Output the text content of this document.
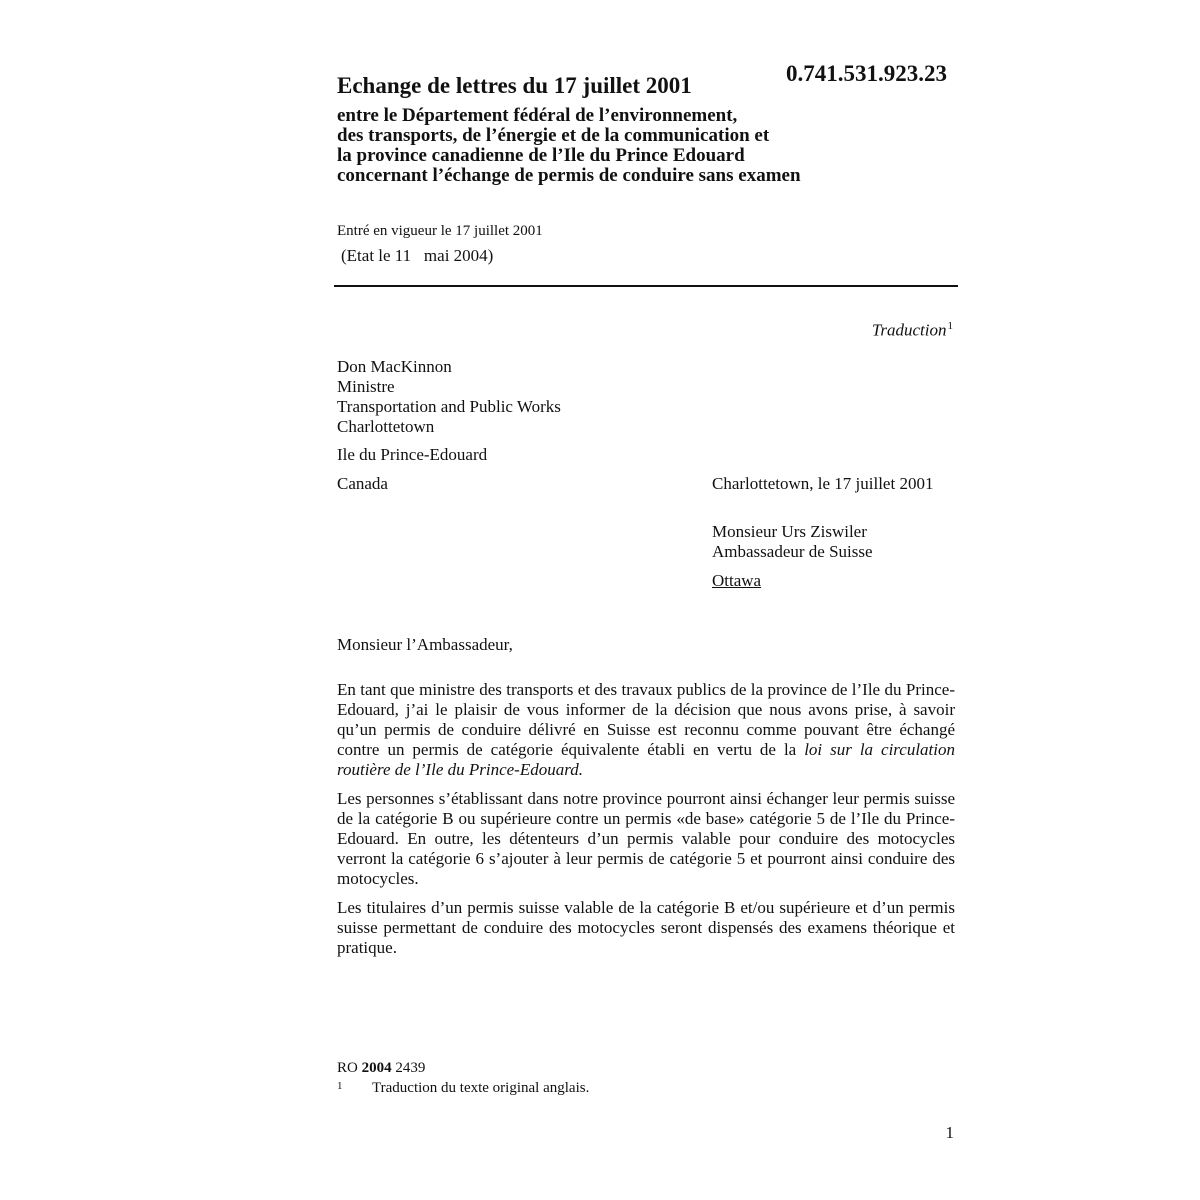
Echange de lettres du 17 juillet 2001	0.741.531.923.23
entre le Département fédéral de l’environnement,
des transports, de l’énergie et de la communication et
la province canadienne de l’Ile du Prince Edouard
concernant l’échange de permis de conduire sans examen
Entré en vigueur le 17 juillet 2001
(Etat le 11   mai 2004)
Traduction$^1$
Don MacKinnon
Ministre
Transportation and Public Works
Charlottetown
Ile du Prince-Edouard
Canada	Charlottetown, le 17 juillet 2001
Monsieur Urs Ziswiler
Ambassadeur de Suisse
Ottawa
Monsieur l’Ambassadeur,

En tant que ministre des transports et des travaux publics de la province de l’Ile du Prince-Edouard, j’ai le plaisir de vous informer de la décision que nous avons prise, à savoir qu’un permis de conduire délivré en Suisse est reconnu comme pouvant être échangé contre un permis de catégorie équivalente établi en vertu de la loi sur la circulation routière de l’Ile du Prince-Edouard.

Les personnes s’établissant dans notre province pourront ainsi échanger leur permis suisse de la catégorie B ou supérieure contre un permis «de base» catégorie 5 de l’Ile du Prince-Edouard. En outre, les détenteurs d’un permis valable pour conduire des motocycles verront la catégorie 6 s’ajouter à leur permis de catégorie 5 et pourront ainsi conduire des motocycles.

Les titulaires d’un permis suisse valable de la catégorie B et/ou supérieure et d’un permis suisse permettant de conduire des motocycles seront dispensés des examens théorique et pratique.

RO 2004 2439
1 Traduction du texte original anglais.
1
